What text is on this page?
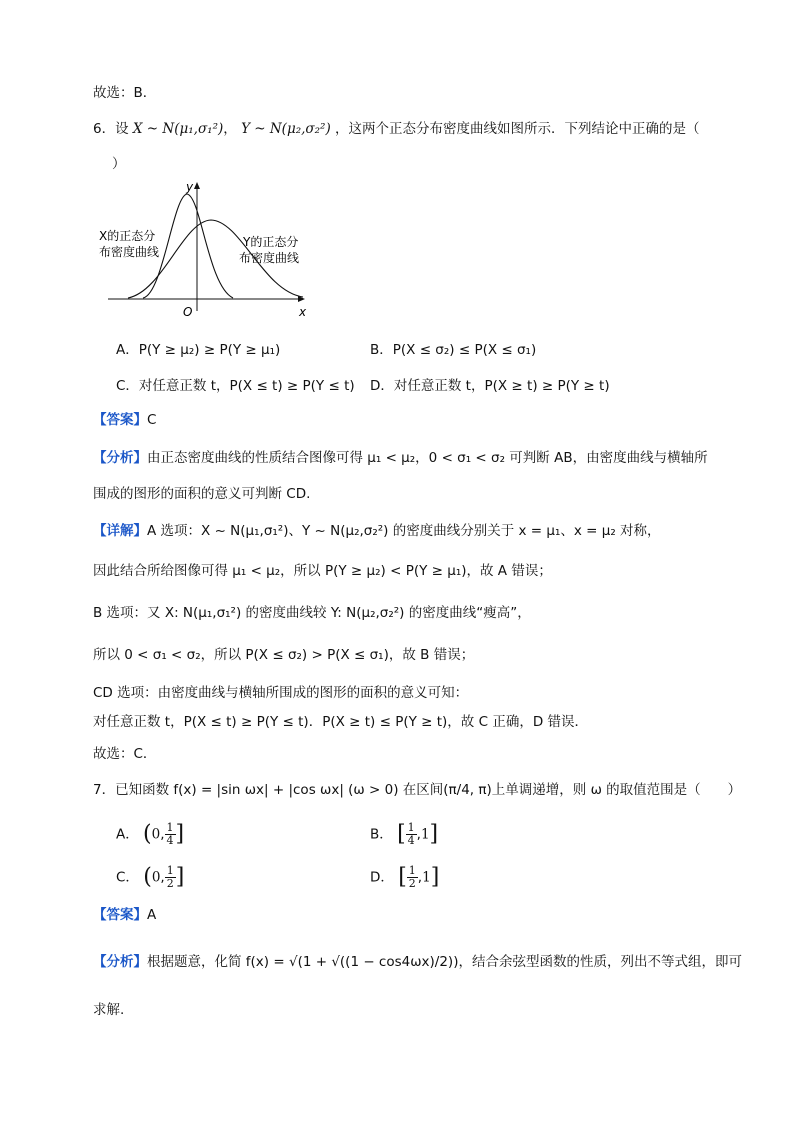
故选：B．
6．设 X ~ N(μ₁,σ₁²)， Y ~ N(μ₂,σ₂²) ，这两个正态分布密度曲线如图所示．下列结论中正确的是（
）
y
x
O
X的正态分
布密度曲线
Y的正态分
布密度曲线
A．P(Y ≥ μ₂) ≥ P(Y ≥ μ₁)	B．P(X ≤ σ₂) ≤ P(X ≤ σ₁)
C．对任意正数 t，P(X ≤ t) ≥ P(Y ≤ t) D．对任意正数 t，P(X ≥ t) ≥ P(Y ≥ t)
【答案】C
【分析】由正态密度曲线的性质结合图像可得 μ₁ < μ₂，0 < σ₁ < σ₂ 可判断 AB，由密度曲线与横轴所
围成的图形的面积的意义可判断 CD.
【详解】A 选项：X ~ N(μ₁,σ₁²)、Y ~ N(μ₂,σ₂²) 的密度曲线分别关于 x = μ₁、x = μ₂ 对称，
因此结合所给图像可得 μ₁ < μ₂，所以 P(Y ≥ μ₂) < P(Y ≥ μ₁)，故 A 错误；
B 选项：又 X: N(μ₁,σ₁²) 的密度曲线较 Y: N(μ₂,σ₂²) 的密度曲线“瘦高”，
所以 0 < σ₁ < σ₂，所以 P(X ≤ σ₂) > P(X ≤ σ₁)，故 B 错误；
CD 选项：由密度曲线与横轴所围成的图形的面积的意义可知：
对任意正数 t，P(X ≤ t) ≥ P(Y ≤ t)．P(X ≥ t) ≤ P(Y ≥ t)，故 C 正确，D 错误．
故选：C．
7．已知函数 f(x) = |sin ωx| + |cos ωx| (ω > 0) 在区间(π/4, π)上单调递增，则 ω 的取值范围是（　　）
A． (0, $\frac{1}{4}$ ]	B． [ $\frac{1}{4} ,1$]
C． (0, $\frac{1}{2}$ ]	D． [ $\frac{1}{2} ,1$]
【答案】A
【分析】根据题意，化简 f(x) = √(1 + √((1 − cos4ωx)/2))，结合余弦型函数的性质，列出不等式组，即可
求解.
